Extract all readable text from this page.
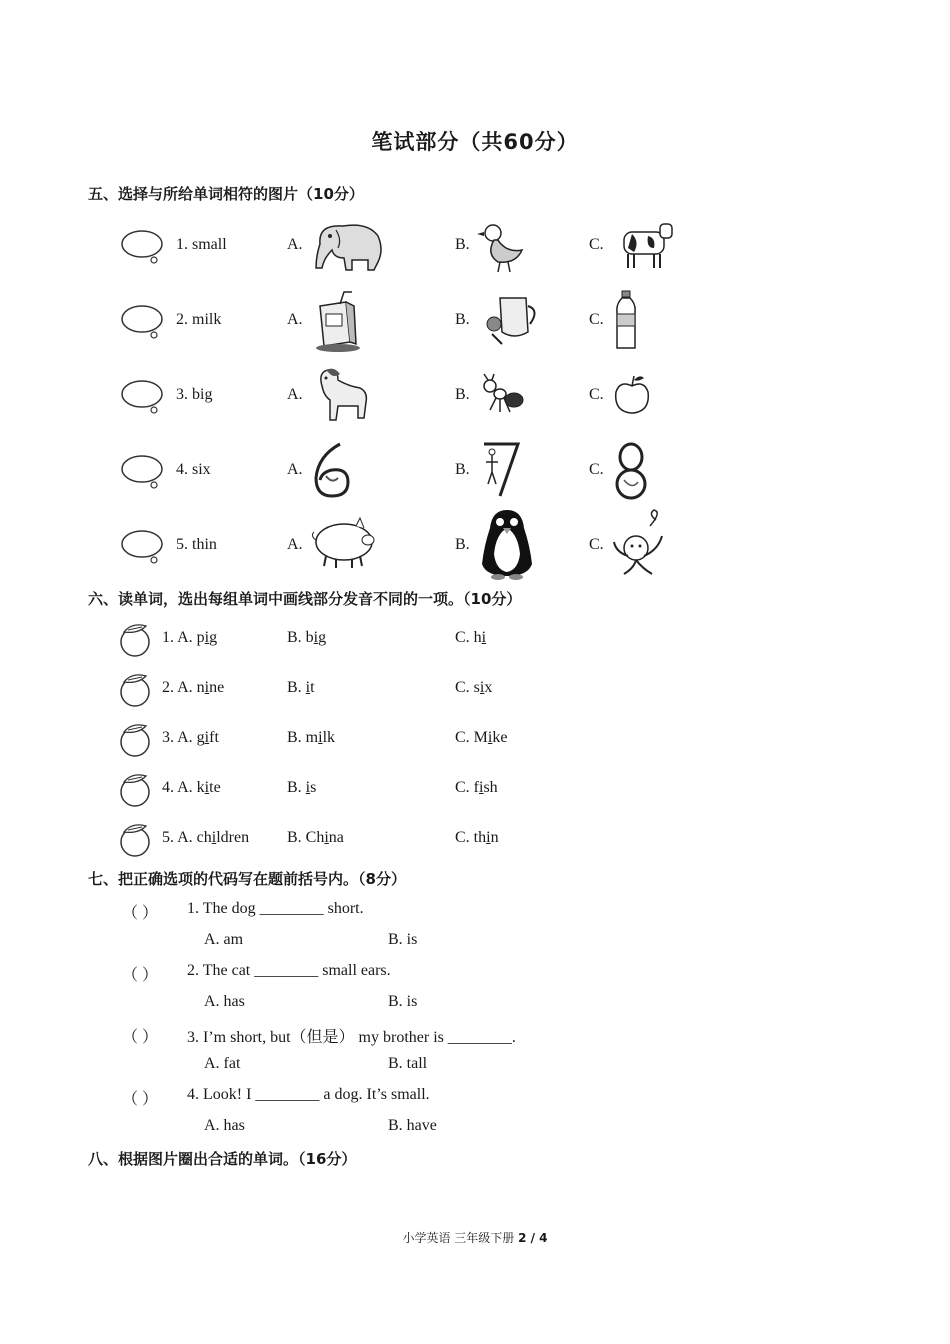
笔试部分（共60分）
五、选择与所给单词相符的图片（10分）
1. small	A.	B.	C.
2. milk	A.	B.	C.
3. big	A.	B.	C.
4. six	A.	B.	C.
5. thin	A.	B.	C.
六、读单词，选出每组单词中画线部分发音不同的一项。（10分）
1. A. pig	B. big	C. hi
2. A. nine	B. it	C. six
3. A. gift	B. milk	C. Mike
4. A. kite	B. is	C. fish
5. A. children B. China	C. thin
七、把正确选项的代码写在题前括号内。（8分）
（ ） 1. The dog ________ short.
A. am	B. is
（ ） 2. The cat ________ small ears.
A. has	B. is
（ ） 3. I’m short, but（但是） my brother is ________.
A. fat	B. tall
（ ） 4. Look! I ________ a dog. It’s small.
A. has	B. have
八、根据图片圈出合适的单词。（16分）
小学英语 三年级下册 2 / 4
